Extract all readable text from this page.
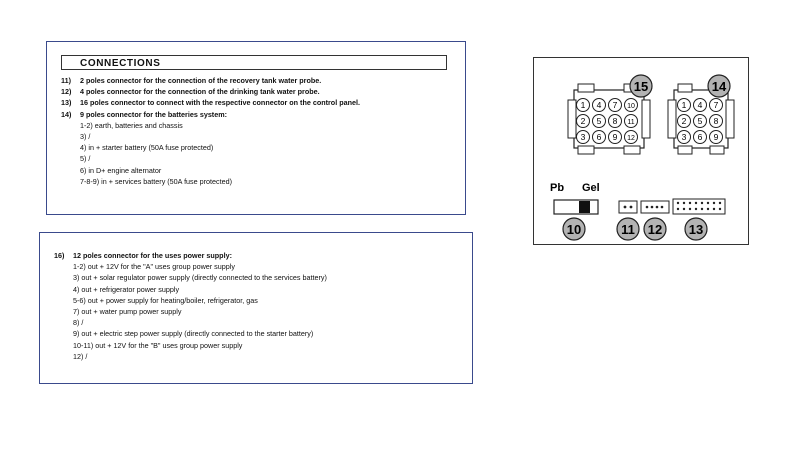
CONNECTIONS
11) 2 poles connector for the connection of the recovery tank water probe.
12) 4 poles connector for the connection of the drinking tank water probe.
13) 16 poles connector to connect with the respective connector on the control panel.
14) 9 poles connector for the batteries system:
1-2) earth, batteries and chassis
3) /
4) in + starter battery (50A fuse protected)
5) /
6) in D+ engine alternator
7-8-9) in + services battery (50A fuse protected)
16) 12 poles connector for the uses power supply:
1-2) out + 12V for the "A" uses group power supply
3) out + solar regulator power supply (directly connected to the services battery)
4) out + refrigerator power supply
5-6) out + power supply for heating/boiler, refrigerator, gas
7) out + water pump power supply
8) /
9) out + electric step power supply (directly connected to the starter battery)
10-11) out + 12V for the "B" uses group power supply
12) /
1 4 7 10
2 5 8 11
3 6 9 12
1 4 7
2 5 8
3 6 9
15	14
Pb Gel
10	11 12 13
